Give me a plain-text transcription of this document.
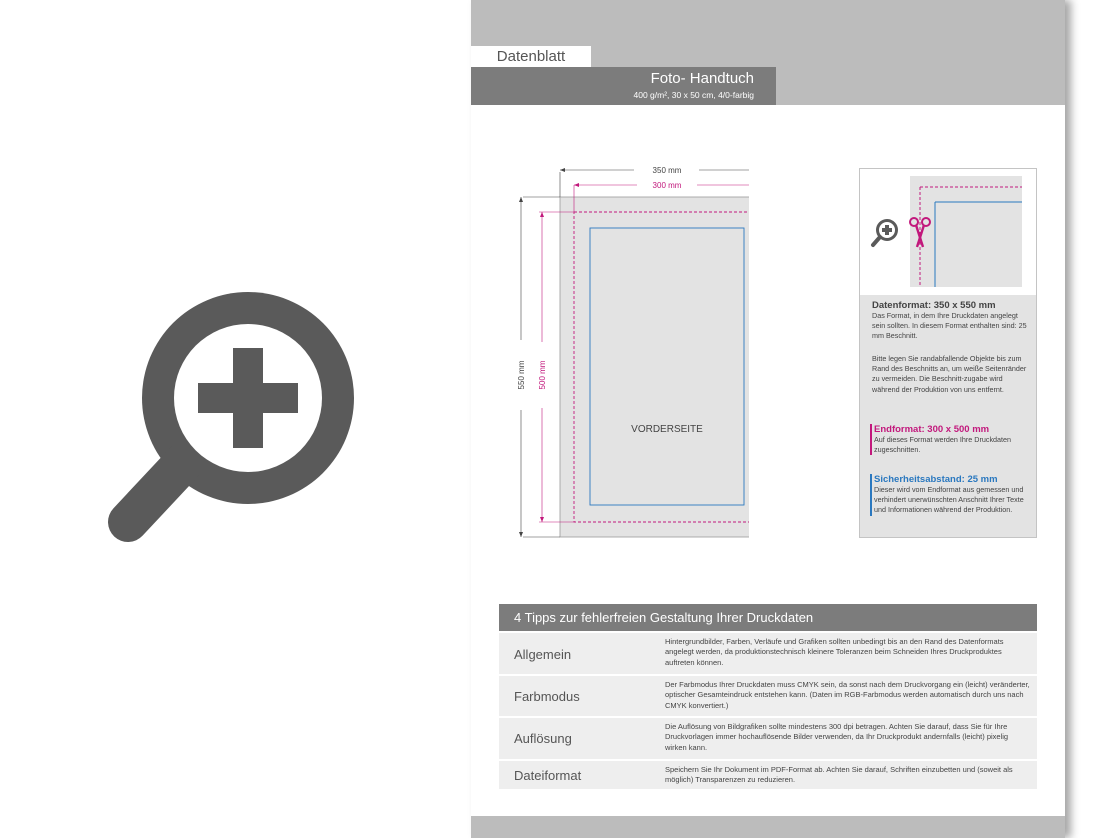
Datenblatt
Foto- Handtuch
400 g/m², 30 x 50 cm, 4/0-farbig
350 mm
300 mm
550 mm 500 mm
VORDERSEITE
Datenformat: 350 x 550 mm
Das Format, in dem Ihre Druckdaten angelegt sein sollten. In diesem Format enthalten sind: 25 mm Beschnitt.
Bitte legen Sie randabfallende Objekte bis zum Rand des Beschnitts an, um weiße Seitenränder zu vermeiden. Die Beschnitt-zugabe wird während der Produktion von uns entfernt.
Endformat: 300 x 500 mm
Auf dieses Format werden Ihre Druckdaten zugeschnitten.
Sicherheitsabstand: 25 mm
Dieser wird vom Endformat aus gemessen und verhindert unerwünschten Anschnitt Ihrer Texte und Informationen während der Produktion.
4 Tipps zur fehlerfreien Gestaltung Ihrer Druckdaten
Allgemein
Hintergrundbilder, Farben, Verläufe und Grafiken sollten unbedingt bis an den Rand des Datenformats angelegt werden, da produktionstechnisch kleinere Toleranzen beim Schneiden Ihres Druckproduktes auftreten können.
Farbmodus
Der Farbmodus Ihrer Druckdaten muss CMYK sein, da sonst nach dem Druckvorgang ein (leicht) veränderter, optischer Gesamteindruck entstehen kann. (Daten im RGB-Farbmodus werden automatisch durch uns nach CMYK konvertiert.)
Auflösung
Die Auflösung von Bildgrafiken sollte mindestens 300 dpi betragen. Achten Sie darauf, dass Sie für Ihre Druckvorlagen immer hochauflösende Bilder verwenden, da Ihr Druckprodukt andernfalls (leicht) pixelig wirken kann.
Dateiformat	Speichern Sie Ihr Dokument im PDF-Format ab. Achten Sie darauf, Schriften einzubetten und (soweit als möglich) Transparenzen zu reduzieren.
